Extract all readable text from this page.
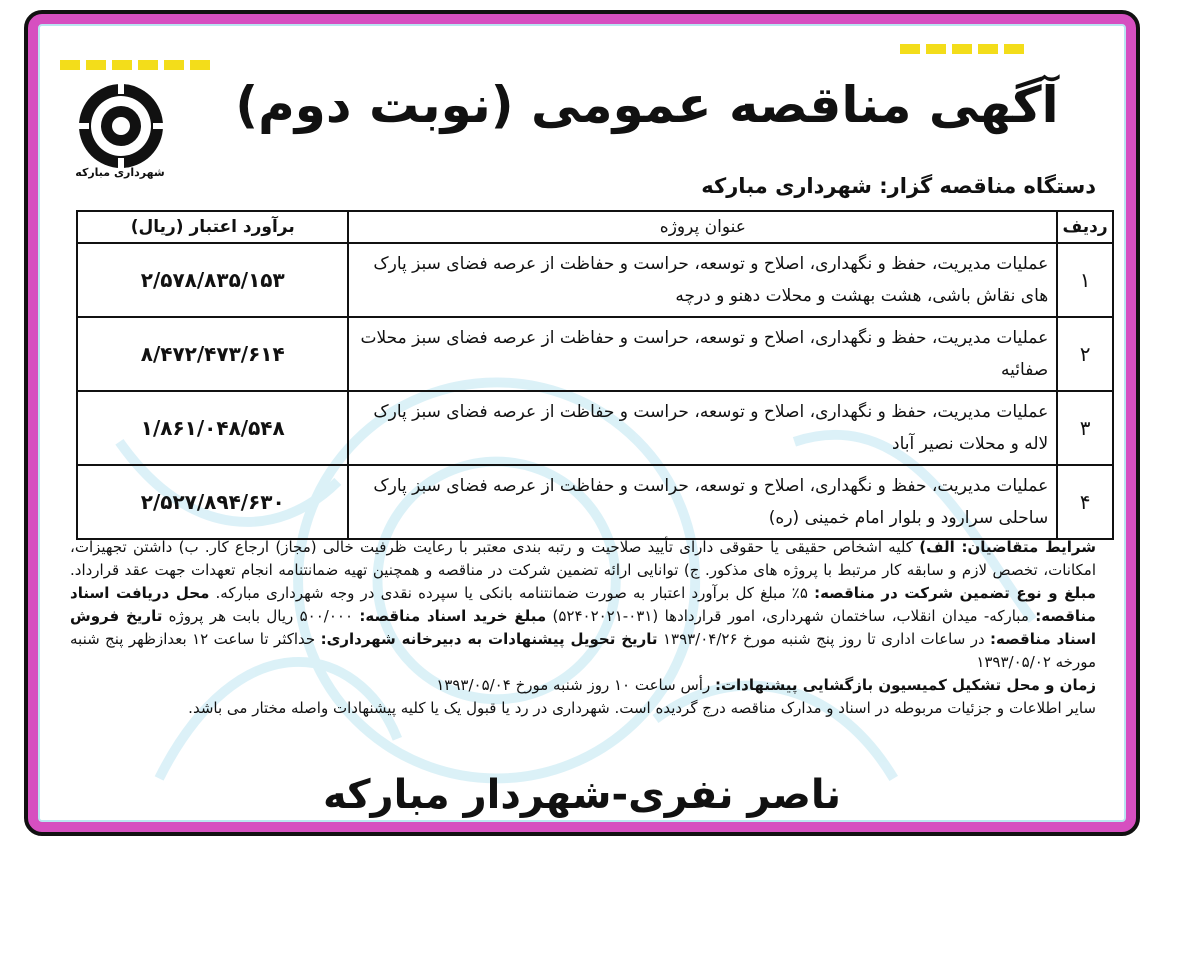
شهرداری مبارکه
آگهی مناقصه عمومی (نوبت دوم)
دستگاه مناقصه گزار: شهرداری مبارکه
ردیف	عنوان پروژه	برآورد اعتبار (ریال)
۱	عملیات مدیریت، حفظ و نگهداری، اصلاح و توسعه، حراست و حفاظت از عرصه فضای سبز پارک های نقاش باشی، هشت بهشت و محلات دهنو و درچه	۲/۵۷۸/۸۳۵/۱۵۳
۲	عملیات مدیریت، حفظ و نگهداری، اصلاح و توسعه، حراست و حفاظت از عرصه فضای سبز محلات صفائیه	۸/۴۷۲/۴۷۳/۶۱۴
۳	عملیات مدیریت، حفظ و نگهداری، اصلاح و توسعه، حراست و حفاظت از عرصه فضای سبز پارک لاله و محلات نصیر آباد	۱/۸۶۱/۰۴۸/۵۴۸
۴	عملیات مدیریت، حفظ و نگهداری، اصلاح و توسعه، حراست و حفاظت از عرصه فضای سبز پارک ساحلی سرارود و بلوار امام خمینی (ره)	۲/۵۲۷/۸۹۴/۶۳۰
شرایط متقاضیان: الف) کلیه اشخاص حقیقی یا حقوقی دارای تأیید صلاحیت و رتبه بندی معتبر با رعایت ظرفیت خالی (مجاز) ارجاع کار. ب) داشتن تجهیزات، امکانات، تخصص لازم و سابقه کار مرتبط با پروژه های مذکور. ج) توانایی ارائه تضمین شرکت در مناقصه و همچنین تهیه ضمانتنامه انجام تعهدات جهت عقد قرارداد. مبلغ و نوع تضمین شرکت در مناقصه: ۵٪ مبلغ کل برآورد اعتبار به صورت ضمانتنامه بانکی یا سپرده نقدی در وجه شهرداری مبارکه. محل دریافت اسناد مناقصه: مبارکه- میدان انقلاب، ساختمان شهرداری، امور قراردادها (۰۳۱-۵۲۴۰۲۰۲۱) مبلغ خرید اسناد مناقصه: ۵۰۰/۰۰۰ ریال بابت هر پروژه تاریخ فروش اسناد مناقصه: در ساعات اداری تا روز پنج شنبه مورخ ۱۳۹۳/۰۴/۲۶ تاریخ تحویل پیشنهادات به دبیرخانه شهرداری: حداکثر تا ساعت ۱۲ بعدازظهر پنج شنبه مورخه ۱۳۹۳/۰۵/۰۲
زمان و محل تشکیل کمیسیون بازگشایی پیشنهادات: رأس ساعت ۱۰ روز شنبه مورخ ۱۳۹۳/۰۵/۰۴
سایر اطلاعات و جزئیات مربوطه در اسناد و مدارک مناقصه درج گردیده است. شهرداری در رد یا قبول یک یا کلیه پیشنهادات واصله مختار می باشد.
ناصر نفری-شهردار مبارکه
